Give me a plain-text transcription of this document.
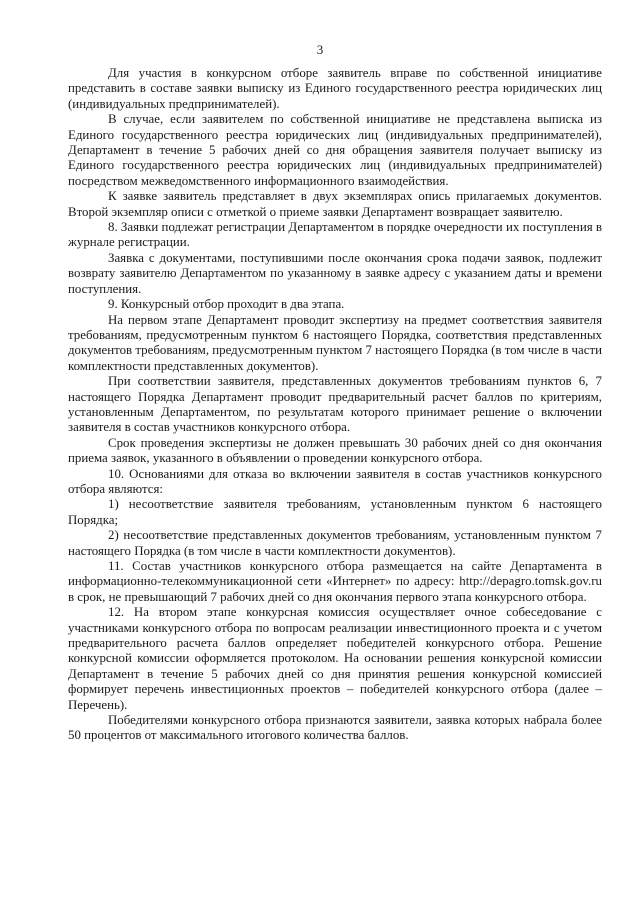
3

Для участия в конкурсном отборе заявитель вправе по собственной инициативе представить в составе заявки выписку из Единого государственного реестра юридических лиц (индивидуальных предпринимателей).

В случае, если заявителем по собственной инициативе не представлена выписка из Единого государственного реестра юридических лиц (индивидуальных предпринимателей), Департамент в течение 5 рабочих дней со дня обращения заявителя получает выписку из Единого государственного реестра юридических лиц (индивидуальных предпринимателей) посредством межведомственного информационного взаимодействия.

К заявке заявитель представляет в двух экземплярах опись прилагаемых документов. Второй экземпляр описи с отметкой о приеме заявки Департамент возвращает заявителю.

8. Заявки подлежат регистрации Департаментом в порядке очередности их поступления в журнале регистрации.

Заявка с документами, поступившими после окончания срока подачи заявок, подлежит возврату заявителю Департаментом по указанному в заявке адресу с указанием даты и времени поступления.

9. Конкурсный отбор проходит в два этапа.

На первом этапе Департамент проводит экспертизу на предмет соответствия заявителя требованиям, предусмотренным пунктом 6 настоящего Порядка, соответствия представленных документов требованиям, предусмотренным пунктом 7 настоящего Порядка (в том числе в части комплектности представленных документов).

При соответствии заявителя, представленных документов требованиям пунктов 6, 7 настоящего Порядка Департамент проводит предварительный расчет баллов по критериям, установленным Департаментом, по результатам которого принимает решение о включении заявителя в состав участников конкурсного отбора.

Срок проведения экспертизы не должен превышать 30 рабочих дней со дня окончания приема заявок, указанного в объявлении о проведении конкурсного отбора.

10. Основаниями для отказа во включении заявителя в состав участников конкурсного отбора являются:

1) несоответствие заявителя требованиям, установленным пунктом 6 настоящего Порядка;

2) несоответствие представленных документов требованиям, установленным пунктом 7 настоящего Порядка (в том числе в части комплектности документов).

11. Состав участников конкурсного отбора размещается на сайте Департамента в информационно-телекоммуникационной сети «Интернет» по адресу: http://depagro.tomsk.gov.ru в срок, не превышающий 7 рабочих дней со дня окончания первого этапа конкурсного отбора.

12. На втором этапе конкурсная комиссия осуществляет очное собеседование с участниками конкурсного отбора по вопросам реализации инвестиционного проекта и с учетом предварительного расчета баллов определяет победителей конкурсного отбора. Решение конкурсной комиссии оформляется протоколом. На основании решения конкурсной комиссии Департамент в течение 5 рабочих дней со дня принятия решения конкурсной комиссией формирует перечень инвестиционных проектов – победителей конкурсного отбора (далее – Перечень).

Победителями конкурсного отбора признаются заявители, заявка которых набрала более 50 процентов от максимального итогового количества баллов.
